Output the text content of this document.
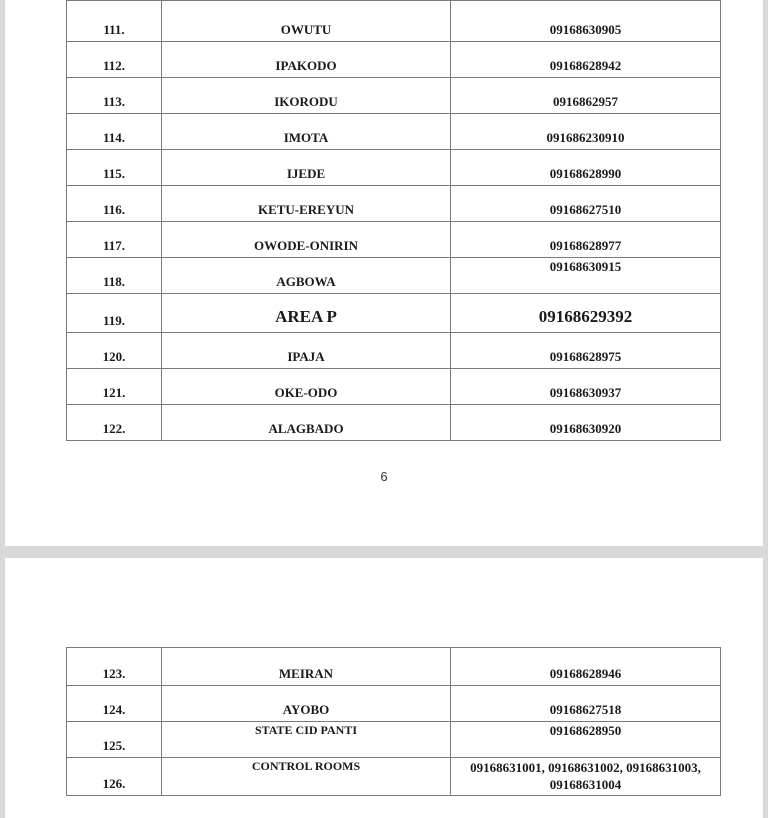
111.	OWUTU	09168630905

112.	IPAKODO	09168628942

113.	IKORODU	0916862957

114.	IMOTA	091686230910

115.	IJEDE	09168628990

116.	KETU-EREYUN	09168627510

117.	OWODE-ONIRIN	09168628977

118.	AGBOWA	09168630915

119.	AREA P	09168629392

120.	IPAJA	09168628975

121.	OKE-ODO	09168630937

122.	ALAGBADO	09168630920
6
123.	MEIRAN	09168628946

124.	AYOBO	09168627518

125.	STATE CID PANTI	09168628950

126.	CONTROL ROOMS	09168631001, 09168631002, 09168631003,
09168631004
